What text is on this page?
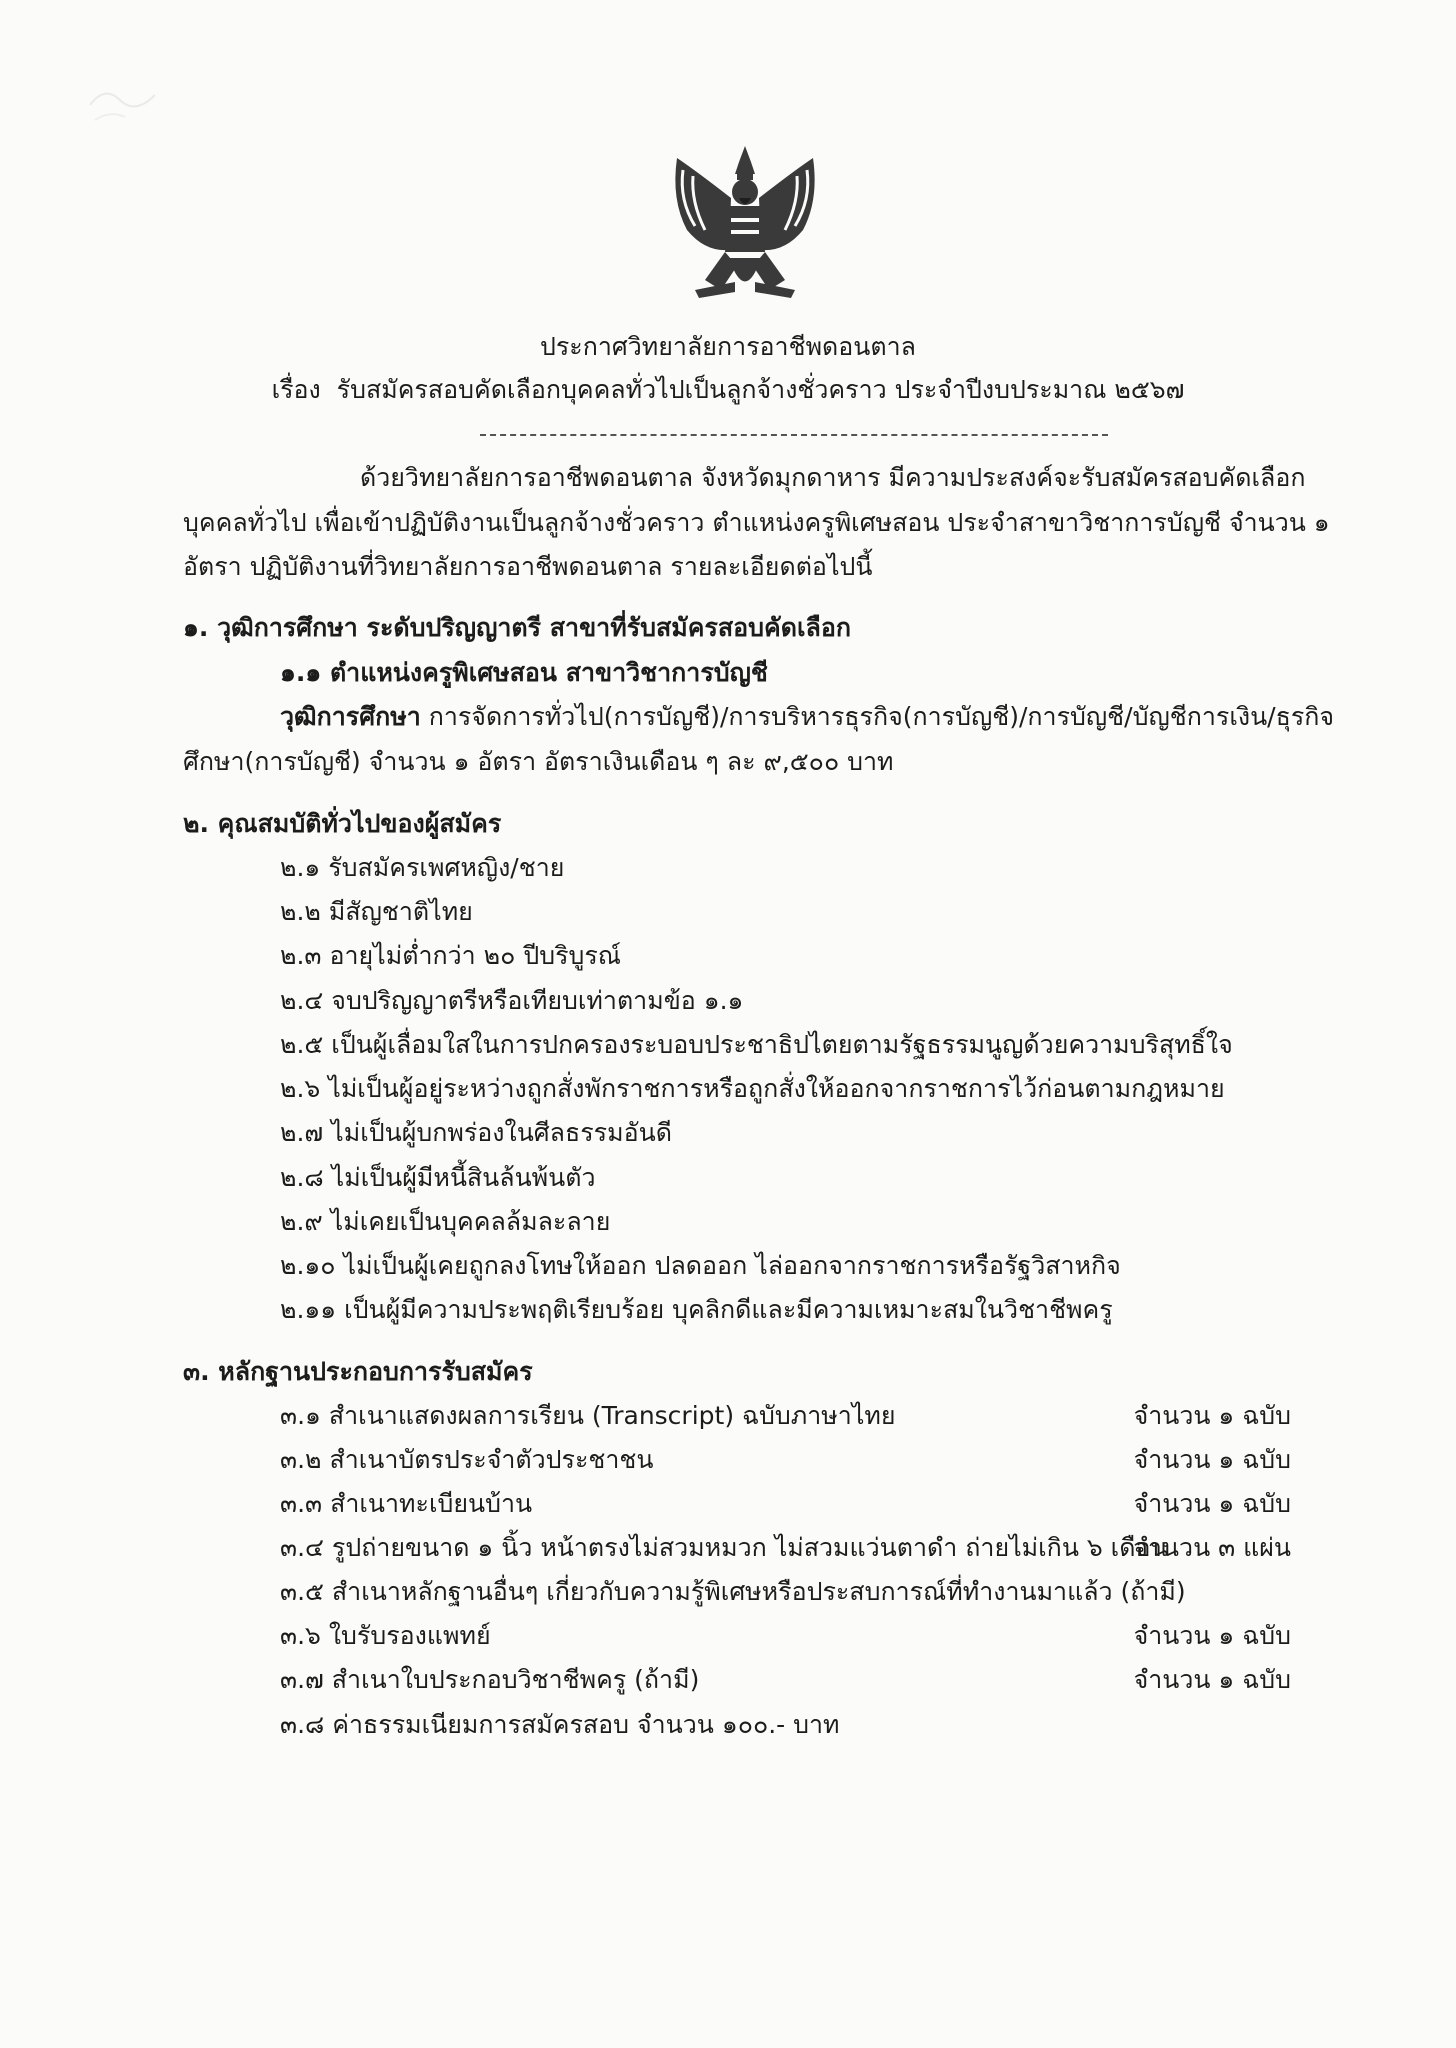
ประกาศวิทยาลัยการอาชีพดอนตาล
เรื่อง รับสมัครสอบคัดเลือกบุคคลทั่วไปเป็นลูกจ้างชั่วคราว ประจำปีงบประมาณ ๒๕๖๗
ด้วยวิทยาลัยการอาชีพดอนตาล จังหวัดมุกดาหาร มีความประสงค์จะรับสมัครสอบคัดเลือก
บุคคลทั่วไป เพื่อเข้าปฏิบัติงานเป็นลูกจ้างชั่วคราว ตำแหน่งครูพิเศษสอน ประจำสาขาวิชาการบัญชี จำนวน ๑
อัตรา ปฏิบัติงานที่วิทยาลัยการอาชีพดอนตาล รายละเอียดต่อไปนี้
๑. วุฒิการศึกษา ระดับปริญญาตรี สาขาที่รับสมัครสอบคัดเลือก
๑.๑ ตำแหน่งครูพิเศษสอน สาขาวิชาการบัญชี
วุฒิการศึกษา การจัดการทั่วไป(การบัญชี)/การบริหารธุรกิจ(การบัญชี)/การบัญชี/บัญชีการเงิน/ธุรกิจ
ศึกษา(การบัญชี) จำนวน ๑ อัตรา อัตราเงินเดือน ๆ ละ ๙,๕๐๐ บาท
๒. คุณสมบัติทั่วไปของผู้สมัคร
๒.๑ รับสมัครเพศหญิง/ชาย
๒.๒ มีสัญชาติไทย
๒.๓ อายุไม่ต่ำกว่า ๒๐ ปีบริบูรณ์
๒.๔ จบปริญญาตรีหรือเทียบเท่าตามข้อ ๑.๑
๒.๕ เป็นผู้เลื่อมใสในการปกครองระบอบประชาธิปไตยตามรัฐธรรมนูญด้วยความบริสุทธิ์ใจ
๒.๖ ไม่เป็นผู้อยู่ระหว่างถูกสั่งพักราชการหรือถูกสั่งให้ออกจากราชการไว้ก่อนตามกฎหมาย
๒.๗ ไม่เป็นผู้บกพร่องในศีลธรรมอันดี
๒.๘ ไม่เป็นผู้มีหนี้สินล้นพ้นตัว
๒.๙ ไม่เคยเป็นบุคคลล้มละลาย
๒.๑๐ ไม่เป็นผู้เคยถูกลงโทษให้ออก ปลดออก ไล่ออกจากราชการหรือรัฐวิสาหกิจ
๒.๑๑ เป็นผู้มีความประพฤติเรียบร้อย บุคลิกดีและมีความเหมาะสมในวิชาชีพครู
๓. หลักฐานประกอบการรับสมัคร
๓.๑ สำเนาแสดงผลการเรียน (Transcript) ฉบับภาษาไทย	จำนวน ๑ ฉบับ
๓.๒ สำเนาบัตรประจำตัวประชาชน	จำนวน ๑ ฉบับ
๓.๓ สำเนาทะเบียนบ้าน	จำนวน ๑ ฉบับ
๓.๔ รูปถ่ายขนาด ๑ นิ้ว หน้าตรงไม่สวมหมวก ไม่สวมแว่นตาดำ ถ่ายไม่เกิน ๖ เดือน
จำนวน ๓ แผ่น
๓.๕ สำเนาหลักฐานอื่นๆ เกี่ยวกับความรู้พิเศษหรือประสบการณ์ที่ทำงานมาแล้ว (ถ้ามี)
๓.๖ ใบรับรองแพทย์	จำนวน ๑ ฉบับ
๓.๗ สำเนาใบประกอบวิชาชีพครู (ถ้ามี)	จำนวน ๑ ฉบับ
๓.๘ ค่าธรรมเนียมการสมัครสอบ จำนวน ๑๐๐.- บาท
